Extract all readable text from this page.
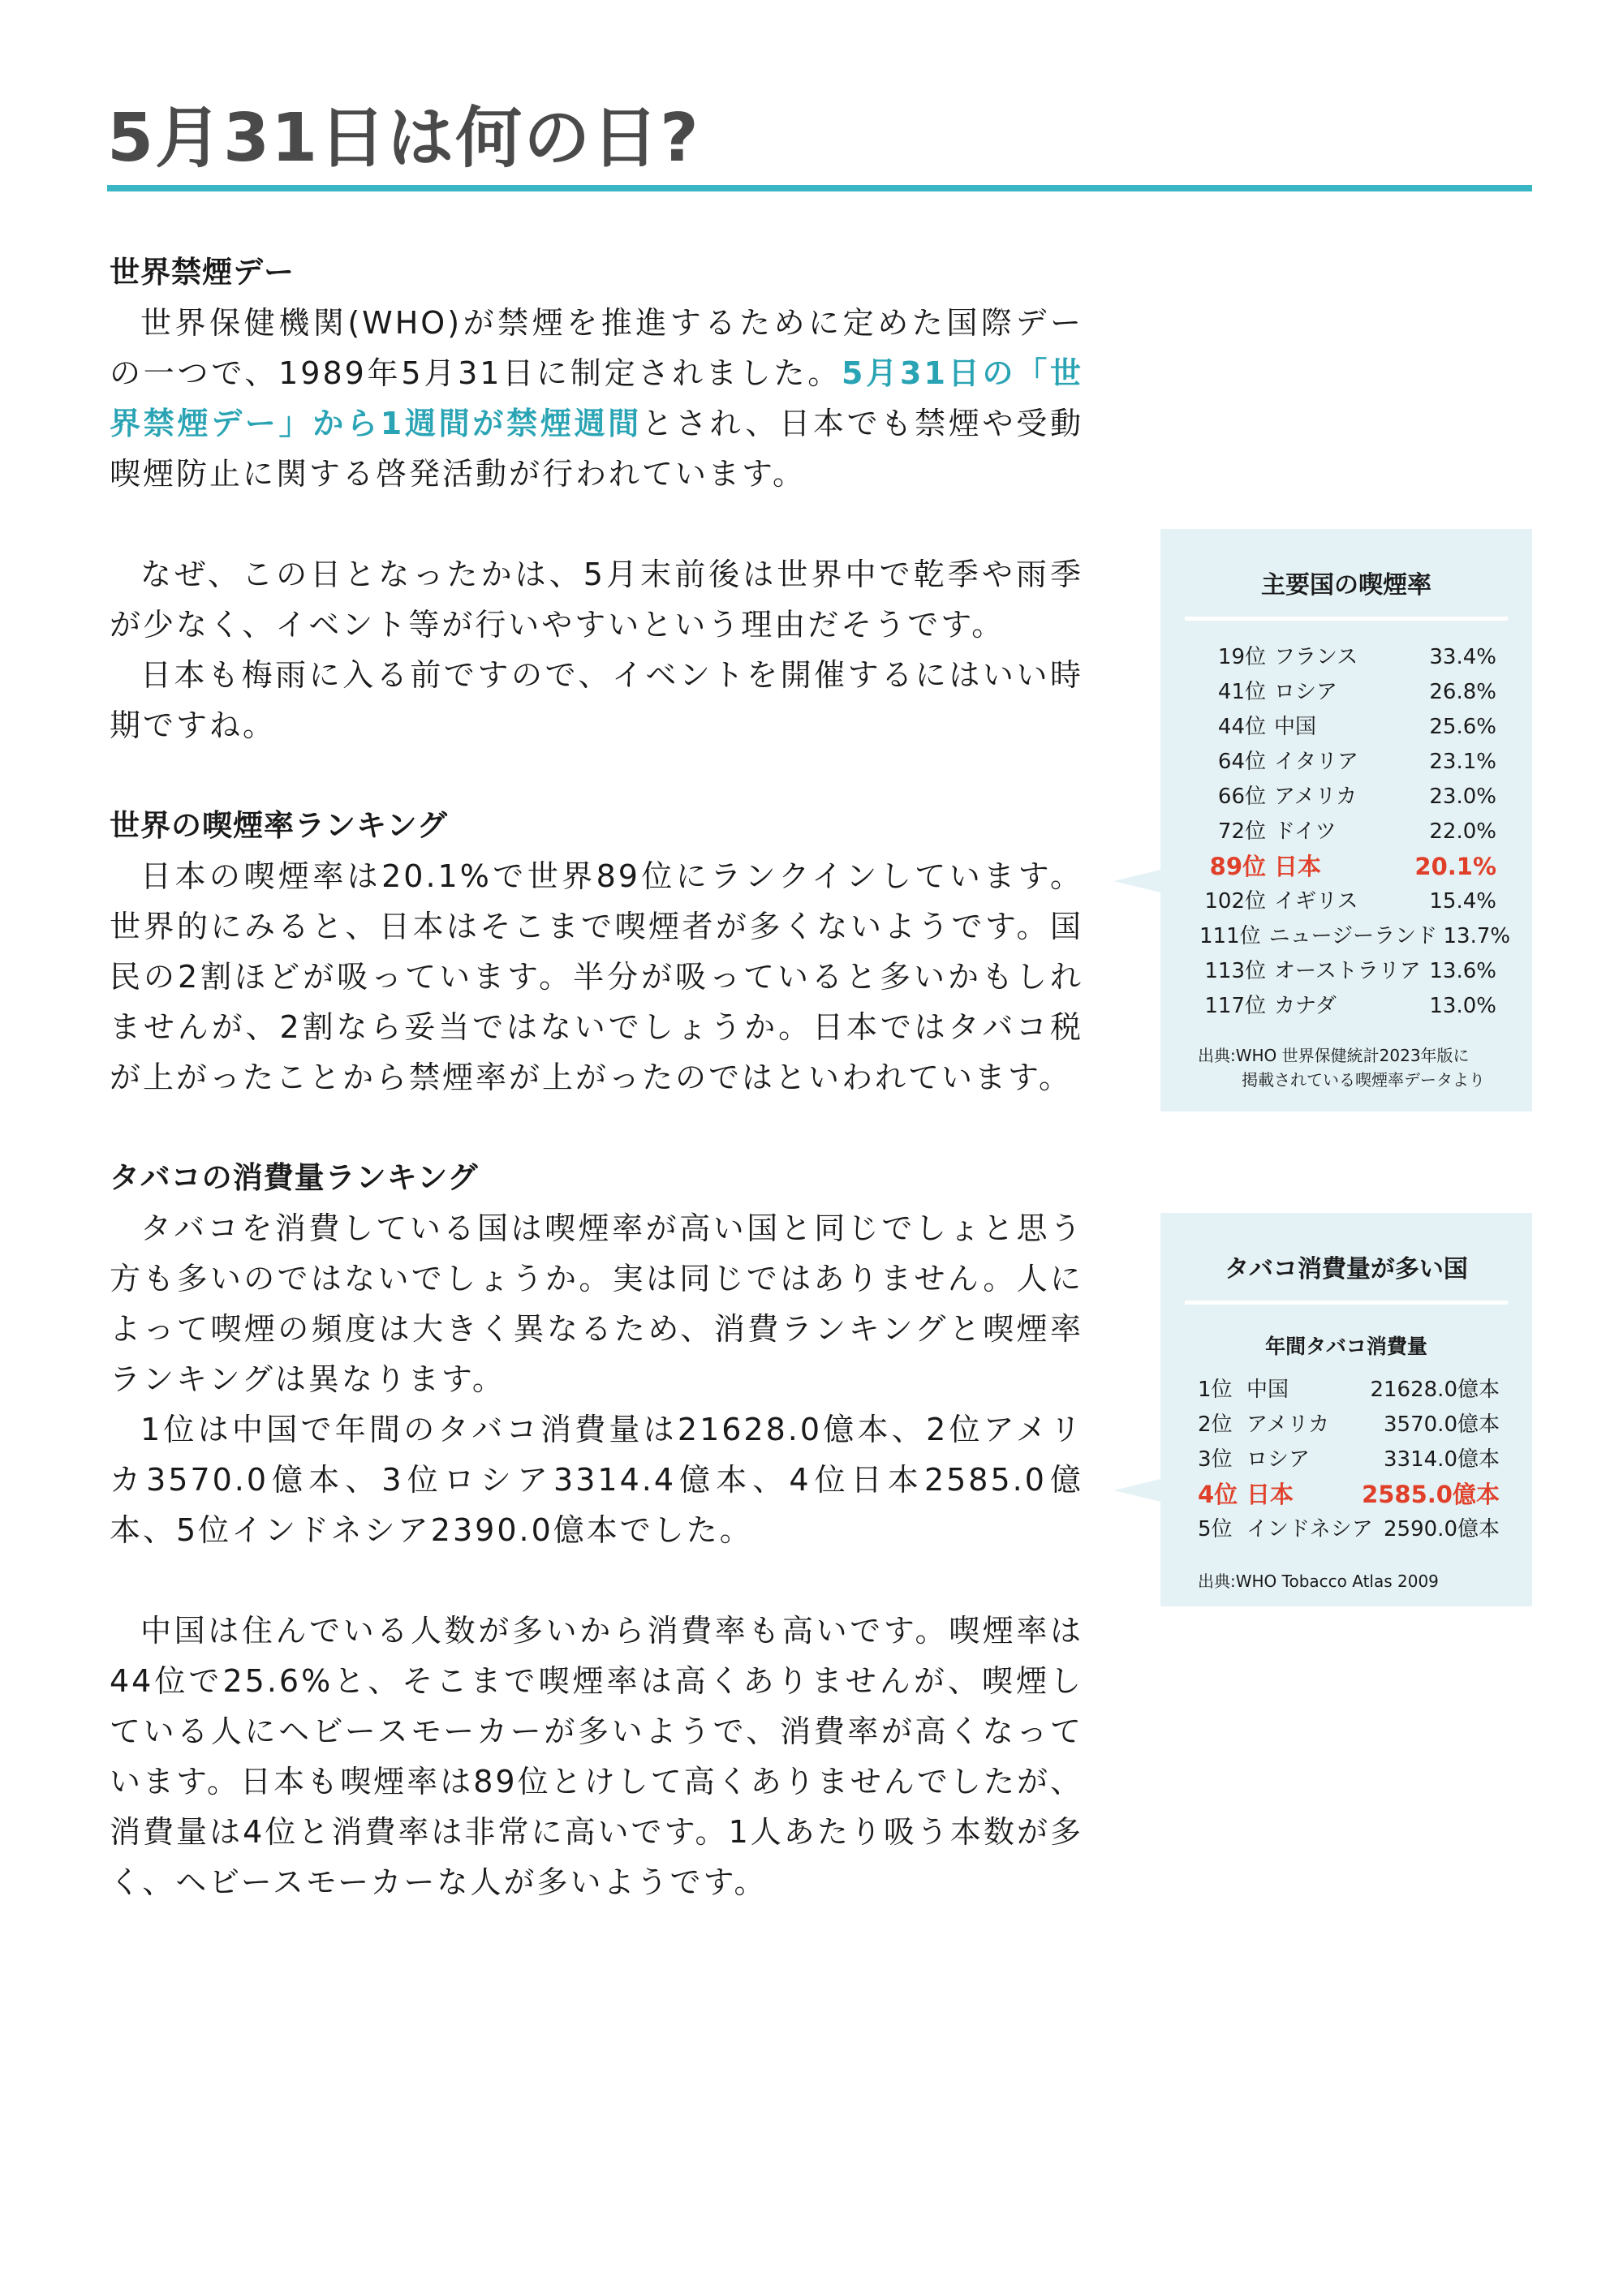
5月31日は何の日?
世界禁煙デー

世界保健機関(WHO)が禁煙を推進するために定めた国際デーの一つで、1989年5月31日に制定されました。5月31日の「世界禁煙デー」から1週間が禁煙週間とされ、日本でも禁煙や受動喫煙防止に関する啓発活動が行われています。

なぜ、この日となったかは、5月末前後は世界中で乾季や雨季が少なく、イベント等が行いやすいという理由だそうです。

日本も梅雨に入る前ですので、イベントを開催するにはいい時期ですね。

世界の喫煙率ランキング

日本の喫煙率は20.1%で世界89位にランクインしています。世界的にみると、日本はそこまで喫煙者が多くないようです。国民の2割ほどが吸っています。半分が吸っていると多いかもしれませんが、2割なら妥当ではないでしょうか。日本ではタバコ税が上がったことから禁煙率が上がったのではといわれています。

タバコの消費量ランキング

タバコを消費している国は喫煙率が高い国と同じでしょと思う方も多いのではないでしょうか。実は同じではありません。人によって喫煙の頻度は大きく異なるため、消費ランキングと喫煙率ランキングは異なります。

1位は中国で年間のタバコ消費量は21628.0億本、2位アメリカ3570.0億本、3位ロシア3314.4億本、4位日本2585.0億本、5位インドネシア2390.0億本でした。

中国は住んでいる人数が多いから消費率も高いです。喫煙率は44位で25.6%と、そこまで喫煙率は高くありませんが、喫煙している人にヘビースモーカーが多いようで、消費率が高くなっています。日本も喫煙率は89位とけして高くありませんでしたが、消費量は4位と消費率は非常に高いです。1人あたり吸う本数が多く、ヘビースモーカーな人が多いようです。

主要国の喫煙率
19位 フランス	33.4%
41位 ロシア	26.8%
44位 中国	25.6%
64位 イタリア	23.1%
66位 アメリカ	23.0%
72位 ドイツ	22.0%
89位 日本	20.1%
102位 イギリス	15.4%
111位 ニュージーランド 13.7%
113位 オーストラリア 13.6%
117位 カナダ	13.0%
出典:WHO 世界保健統計2023年版に
掲載されている喫煙率データより
タバコ消費量が多い国
年間タバコ消費量
1位 中国	21628.0億本
2位 アメリカ	3570.0億本
3位 ロシア	3314.0億本
4位 日本	2585.0億本
5位 インドネシア 2590.0億本
出典:WHO Tobacco Atlas 2009
